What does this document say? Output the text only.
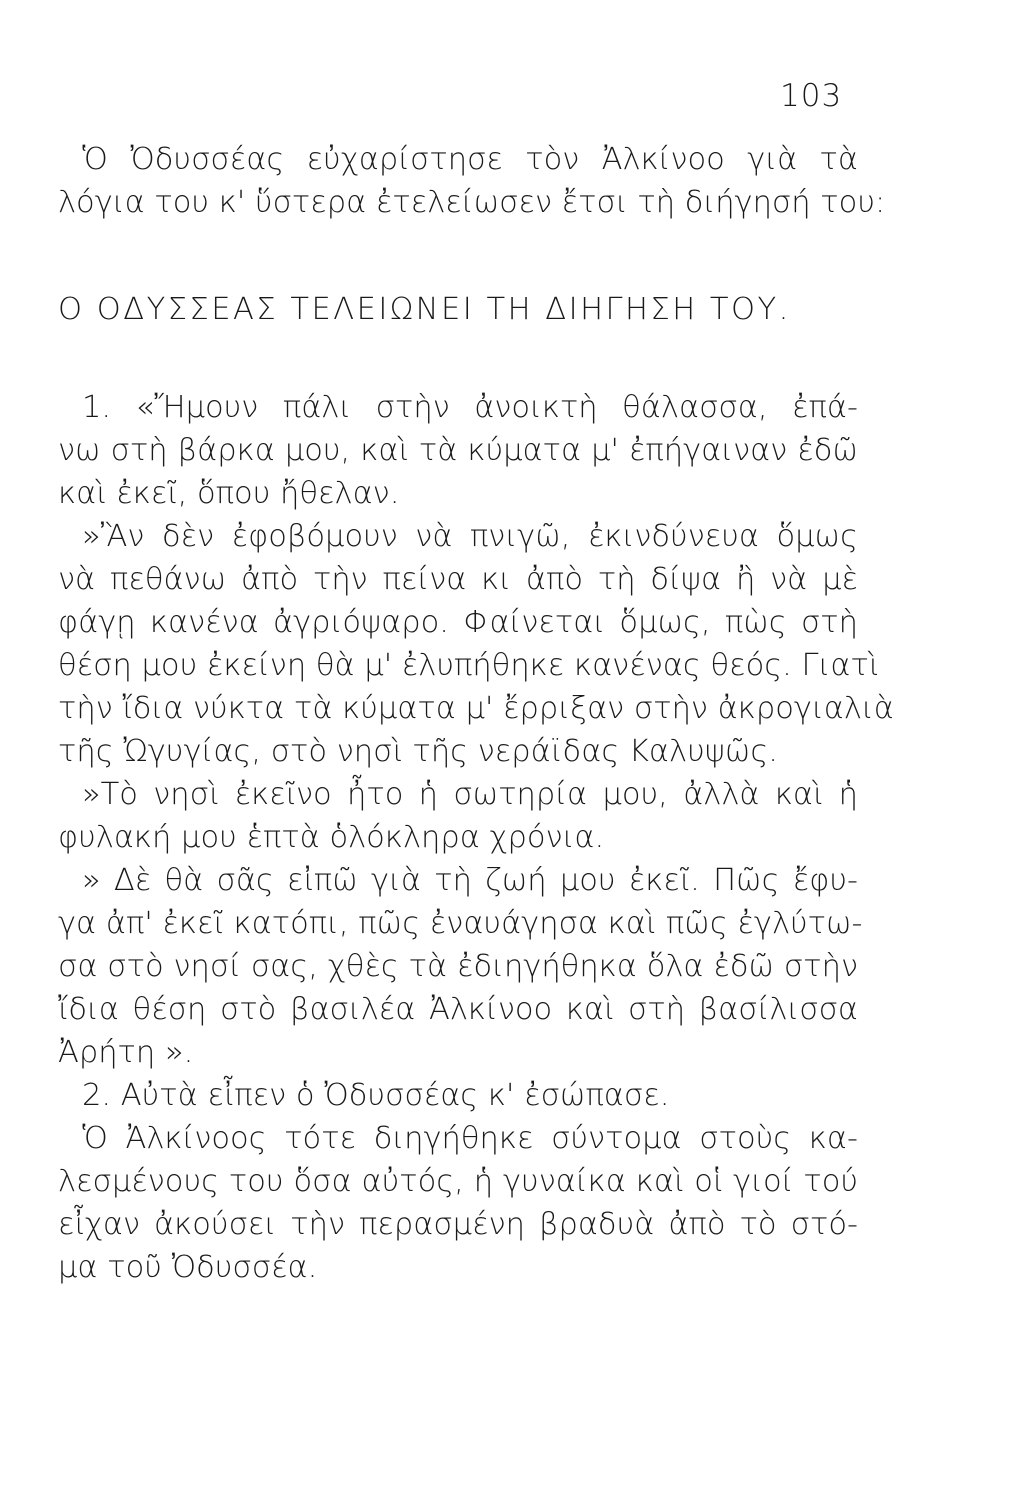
103
Ὁ Ὀδυσσέας εὐχαρίστησε τὸν Ἀλκίνοο γιὰ τὰ
λόγια του κ' ὕστερα ἐτελείωσεν ἔτσι τὴ διήγησή του:
Ο ΟΔΥΣΣΕΑΣ ΤΕΛΕΙΩΝΕΙ ΤΗ ΔΙΗΓΗΣΗ ΤΟΥ.
1. «Ἤμουν πάλι στὴν ἀνοικτὴ θάλασσα, ἐπά-
νω στὴ βάρκα μου, καὶ τὰ κύματα μ' ἐπήγαιναν ἐδῶ
καὶ ἐκεῖ, ὅπου ἤθελαν.
»Ἂν δὲν ἐφοβόμουν νὰ πνιγῶ, ἐκινδύνευα ὅμως
νὰ πεθάνω ἀπὸ τὴν πείνα κι ἀπὸ τὴ δίψα ἢ νὰ μὲ
φάγῃ κανένα ἀγριόψαρο. Φαίνεται ὅμως, πὼς στὴ
θέση μου ἐκείνη θὰ μ' ἐλυπήθηκε κανένας θεός. Γιατὶ
τὴν ἴδια νύκτα τὰ κύματα μ' ἔρριξαν στὴν ἀκρογιαλιὰ
τῆς Ὠγυγίας, στὸ νησὶ τῆς νεράϊδας Καλυψῶς.
»Τὸ νησὶ ἐκεῖνο ἦτο ἡ σωτηρία μου, ἀλλὰ καὶ ἡ
φυλακή μου ἑπτὰ ὁλόκληρα χρόνια.
» Δὲ θὰ σᾶς εἰπῶ γιὰ τὴ ζωή μου ἐκεῖ. Πῶς ἔφυ-
γα ἀπ' ἐκεῖ κατόπι, πῶς ἐναυάγησα καὶ πῶς ἐγλύτω-
σα στὸ νησί σας, χθὲς τὰ ἐδιηγήθηκα ὅλα ἐδῶ στὴν
ἴδια θέση στὸ βασιλέα Ἀλκίνοο καὶ στὴ βασίλισσα
Ἀρήτη ».
2. Αὐτὰ εἶπεν ὁ Ὀδυσσέας κ' ἐσώπασε.
Ὁ Ἀλκίνοος τότε διηγήθηκε σύντομα στοὺς κα-
λεσμένους του ὅσα αὐτός, ἡ γυναίκα καὶ οἱ γιοί τού
εἶχαν ἀκούσει τὴν περασμένη βραδυὰ ἀπὸ τὸ στό-
μα τοῦ Ὀδυσσέα.
